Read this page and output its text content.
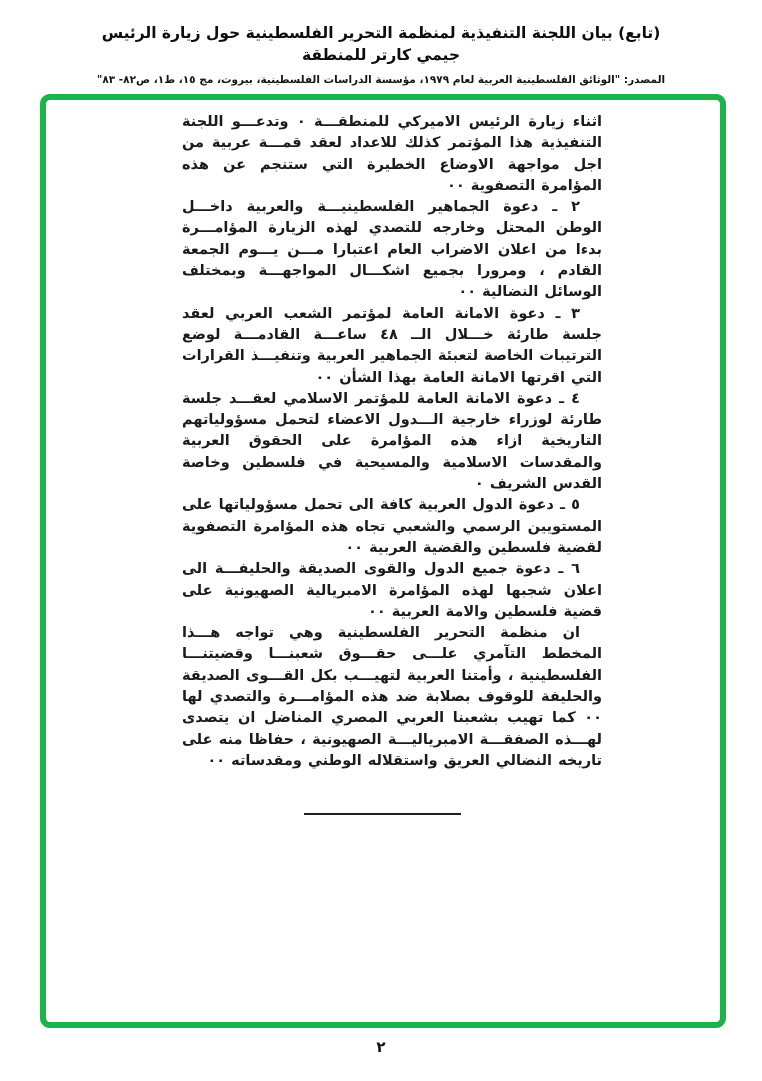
(تابع) بيان اللجنة التنفيذية لمنظمة التحرير الفلسطينية حول زيارة الرئيس جيمي كارتر للمنطقة
المصدر: "الوثائق الفلسطينية العربية لعام ١٩٧٩، مؤسسة الدراسات الفلسطينية، بيروت، مج ١٥، ط١، ص٨٢- ٨٣"

اثناء زيارة الرئيس الاميركي للمنطقـــة ٠ وتدعـــو اللجنة التنفيذية هذا المؤتمر كذلك للاعداد لعقد قمـــة عربية من اجل مواجهة الاوضاع الخطيرة التي ستنجم عن هذه المؤامرة التصفوية ٠٠

٢ ـ دعوة الجماهير الفلسطينيـــة والعربية داخـــل الوطن المحتل وخارجه للتصدي لهذه الزيارة المؤامـــرة بدءا من اعلان الاضراب العام اعتبارا مـــن يـــوم الجمعة القادم ، ومرورا بجميع اشكـــال المواجهـــة وبمختلف الوسائل النضالية ٠٠

٣ ـ دعوة الامانة العامة لمؤتمر الشعب العربي لعقد جلسة طارئة خـــلال الــ ٤٨ ساعـــة القادمـــة لوضع الترتيبات الخاصة لتعبئة الجماهير العربية وتنفيـــذ القرارات التي اقرتها الامانة العامة بهذا الشأن ٠٠

٤ ـ دعوة الامانة العامة للمؤتمر الاسلامي لعقـــد جلسة طارئة لوزراء خارجية الـــدول الاعضاء لتحمل مسؤولياتهم التاريخية ازاء هذه المؤامرة على الحقوق العربية والمقدسات الاسلامية والمسيحية في فلسطين وخاصة القدس الشريف ٠

٥ ـ دعوة الدول العربية كافة الى تحمل مسؤولياتها على المستويين الرسمي والشعبي تجاه هذه المؤامرة التصفوية لقضية فلسطين والقضية العربية ٠٠

٦ ـ دعوة جميع الدول والقوى الصديقة والحليفـــة الى اعلان شجبها لهذه المؤامرة الامبريالية الصهيونية على قضية فلسطين والامة العربية ٠٠

ان منظمة التحرير الفلسطينية وهي تواجه هـــذا المخطط التآمري علـــى حقـــوق شعبنـــا وقضيتنـــا الفلسطينية ، وأمتنا العربية لتهيـــب بكل القـــوى الصديقة والحليفة للوقوف بصلابة ضد هذه المؤامـــرة والتصدي لها ٠٠ كما تهيب بشعبنا العربي المصري المناضل ان يتصدى لهـــذه الصفقـــة الامبرياليـــة الصهيونية ، حفاظا منه على تاريخه النضالي العريق واستقلاله الوطني ومقدساته ٠٠

٢
